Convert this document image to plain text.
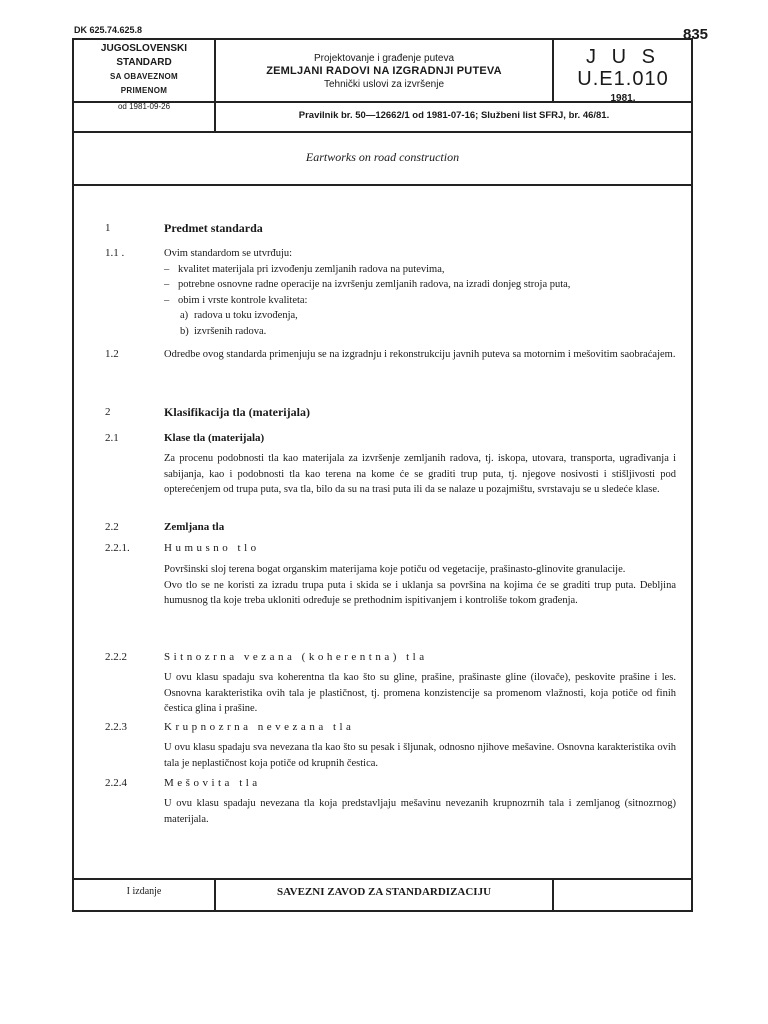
DK 625.74.625.8	835
JUGOSLOVENSKI
STANDARD
SA OBAVEZNOM
PRIMENOM
od 1981-09-26
Projektovanje i građenje puteva
ZEMLJANI RADOVI NA IZGRADNJI PUTEVA
Tehnički uslovi za izvršenje
J U S
U.E1.010
1981.
Pravilnik br. 50—12662/1 od 1981-07-16; Službeni list SFRJ, br. 46/81.
Eartworks on road construction
1	Predmet standarda
1.1 .	Ovim standardom se utvrđuju:
– kvalitet materijala pri izvođenju zemljanih radova na putevima,
– potrebne osnovne radne operacije na izvršenju zemljanih radova, na izradi donjeg stroja puta,
– obim i vrste kontrole kvaliteta:
a) radova u toku izvođenja,
b) izvršenih radova.
1.2	Odredbe ovog standarda primenjuju se na izgradnju i rekonstrukciju javnih puteva sa motornim i mešovitim saobraćajem.

2	Klasifikacija tla (materijala)
2.1	Klase tla (materijala)

Za procenu podobnosti tla kao materijala za izvršenje zemljanih radova, tj. iskopa, utovara, transporta, ugrađivanja i sabijanja, kao i podobnosti tla kao terena na kome će se graditi trup puta, tj. njegove nosivosti i stišljivosti pod opterećenjem od trupa puta, sva tla, bilo da su na trasi puta ili da se nalaze u pozajmištu, svrstavaju se u sledeće klase.

2.2	Zemljana tla
2.2.1.	Humusno tlo

Površinski sloj terena bogat organskim materijama koje potiču od vegetacije, prašinasto-glinovite granulacije.

Ovo tlo se ne koristi za izradu trupa puta i skida se i uklanja sa površina na kojima će se graditi trup puta. Debljina humusnog tla koje treba ukloniti određuje se prethodnim ispitivanjem i kontroliše tokom građenja.

2.2.2	Sitnozrna vezana (koherentna) tla

U ovu klasu spadaju sva koherentna tla kao što su gline, prašine, prašinaste gline (ilovače), peskovite prašine i les. Osnovna karakteristika ovih tala je plastičnost, tj. promena konzistencije sa promenom vlažnosti, koja potiče od finih čestica glina i prašine.

2.2.3	Krupnozrna nevezana tla

U ovu klasu spadaju sva nevezana tla kao što su pesak i šljunak, odnosno njihove mešavine. Osnovna karakteristika ovih tala je neplastičnost koja potiče od krupnih čestica.

2.2.4	Mešovita tla

U ovu klasu spadaju nevezana tla koja predstavljaju mešavinu nevezanih krupnozrnih tala i zemljanog (sitnozrnog) materijala.

I izdanje	SAVEZNI ZAVOD ZA STANDARDIZACIJU
